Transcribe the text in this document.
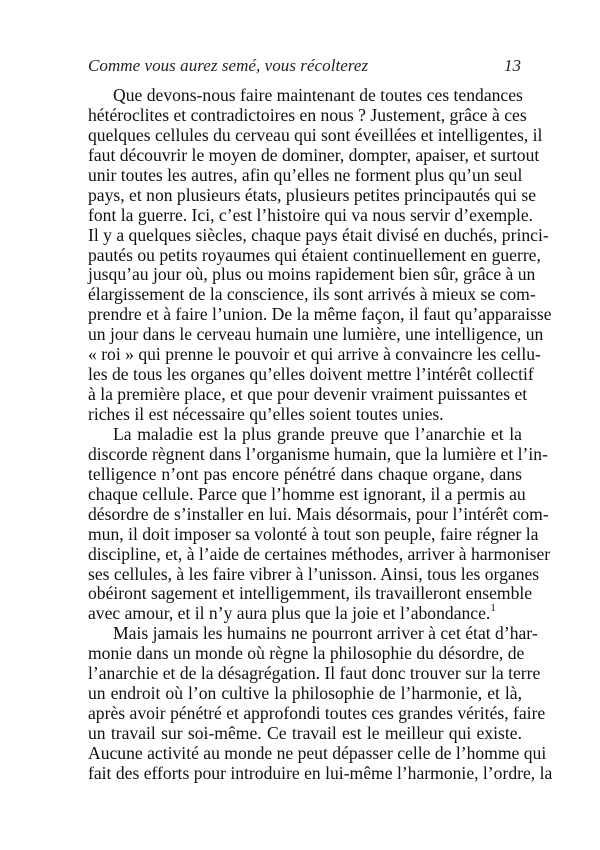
Comme vous aurez semé, vous récolterez	13
Que devons-nous faire maintenant de toutes ces tendances
hétéroclites et contradictoires en nous ? Justement, grâce à ces
quelques cellules du cerveau qui sont éveillées et intelligentes, il
faut découvrir le moyen de dominer, dompter, apaiser, et surtout
unir toutes les autres, afin qu’elles ne forment plus qu’un seul
pays, et non plusieurs états, plusieurs petites principautés qui se
font la guerre. Ici, c’est l’histoire qui va nous servir d’exemple.
Il y a quelques siècles, chaque pays était divisé en duchés, princi-
pautés ou petits royaumes qui étaient continuellement en guerre,
jusqu’au jour où, plus ou moins rapidement bien sûr, grâce à un
élargissement de la conscience, ils sont arrivés à mieux se com-
prendre et à faire l’union. De la même façon, il faut qu’apparaisse
un jour dans le cerveau humain une lumière, une intelligence, un
« roi » qui prenne le pouvoir et qui arrive à convaincre les cellu-
les de tous les organes qu’elles doivent mettre l’intérêt collectif
à la première place, et que pour devenir vraiment puissantes et
riches il est nécessaire qu’elles soient toutes unies.
La maladie est la plus grande preuve que l’anarchie et la
discorde règnent dans l’organisme humain, que la lumière et l’in-
telligence n’ont pas encore pénétré dans chaque organe, dans
chaque cellule. Parce que l’homme est ignorant, il a permis au
désordre de s’installer en lui. Mais désormais, pour l’intérêt com-
mun, il doit imposer sa volonté à tout son peuple, faire régner la
discipline, et, à l’aide de certaines méthodes, arriver à harmoniser
ses cellules, à les faire vibrer à l’unisson. Ainsi, tous les organes
obéiront sagement et intelligemment, ils travailleront ensemble
avec amour, et il n’y aura plus que la joie et l’abondance.$^1$
Mais jamais les humains ne pourront arriver à cet état d’har-
monie dans un monde où règne la philosophie du désordre, de
l’anarchie et de la désagrégation. Il faut donc trouver sur la terre
un endroit où l’on cultive la philosophie de l’harmonie, et là,
après avoir pénétré et approfondi toutes ces grandes vérités, faire
un travail sur soi-même. Ce travail est le meilleur qui existe.
Aucune activité au monde ne peut dépasser celle de l’homme qui
fait des efforts pour introduire en lui-même l’harmonie, l’ordre, la
